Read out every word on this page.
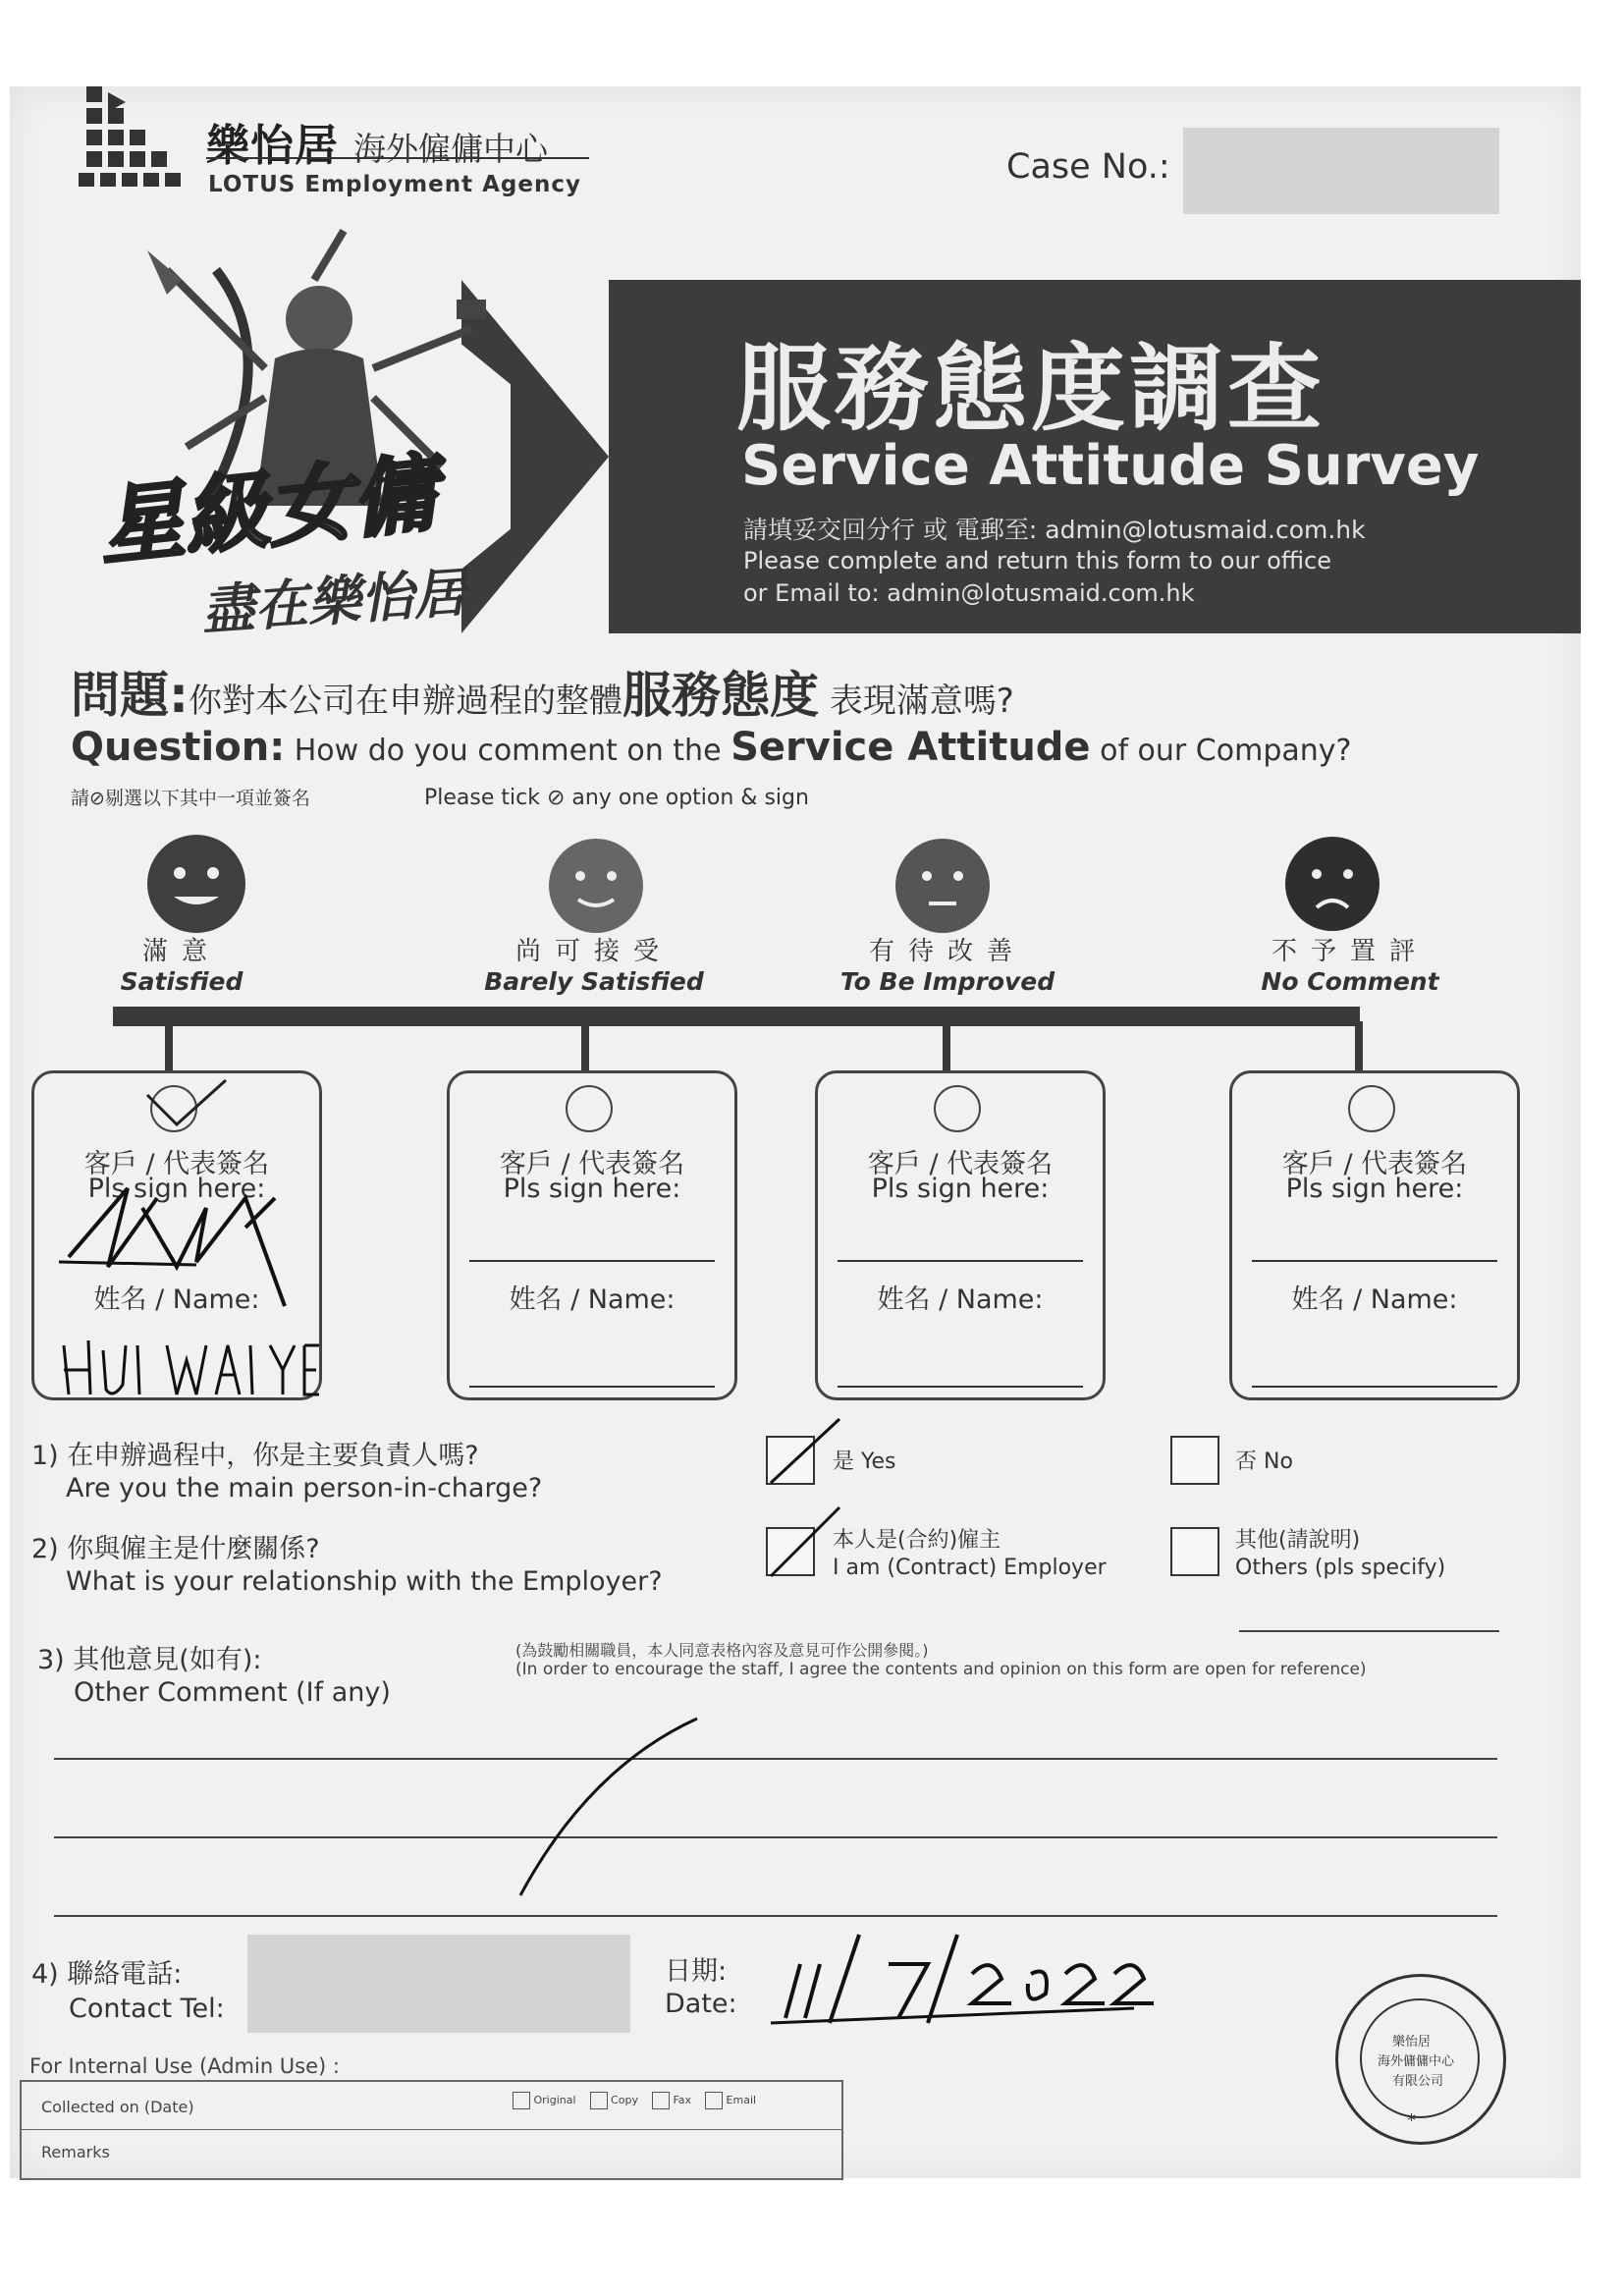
樂怡居 海外僱傭中心
LOTUS Employment Agency	Case No.:
服務態度調查
Service Attitude Survey
請填妥交回分行 或 電郵至: admin@lotusmaid.com.hk
Please complete and return this form to our office
or Email to: admin@lotusmaid.com.hk
星級女傭
盡在樂怡居
問題:你對本公司在申辦過程的整體服務態度 表現滿意嗎?
Question: How do you comment on the Service Attitude of our Company?
請⊘剔選以下其中一項並簽名	Please tick ⊘ any one option & sign
滿意
Satisfied
尚可接受
Barely Satisfied
有待改善
To Be Improved
不予置評
No Comment
客戶 / 代表簽名
Pls sign here:
姓名 / Name:
客戶 / 代表簽名
Pls sign here:
姓名 / Name:
客戶 / 代表簽名
Pls sign here:
姓名 / Name:
客戶 / 代表簽名
Pls sign here:
姓名 / Name:
1) 在申辦過程中，你是主要負責人嗎?
Are you the main person-in-charge?
是 Yes	否 No
2) 你與僱主是什麼關係?
What is your relationship with the Employer?
本人是(合約)僱主
I am (Contract) Employer
其他(請說明)
Others (pls specify)
3) 其他意見(如有):
Other Comment (If any)
(為鼓勵相關職員，本人同意表格內容及意見可作公開參閱。)
(In order to encourage the staff, I agree the contents and opinion on this form are open for reference)
4) 聯絡電話:
Contact Tel:
日期:
Date:
For Internal Use (Admin Use) :
Collected on (Date)	Original	Copy	Fax	Email
Remarks
樂怡居
海外傭傭中心
有限公司
*
